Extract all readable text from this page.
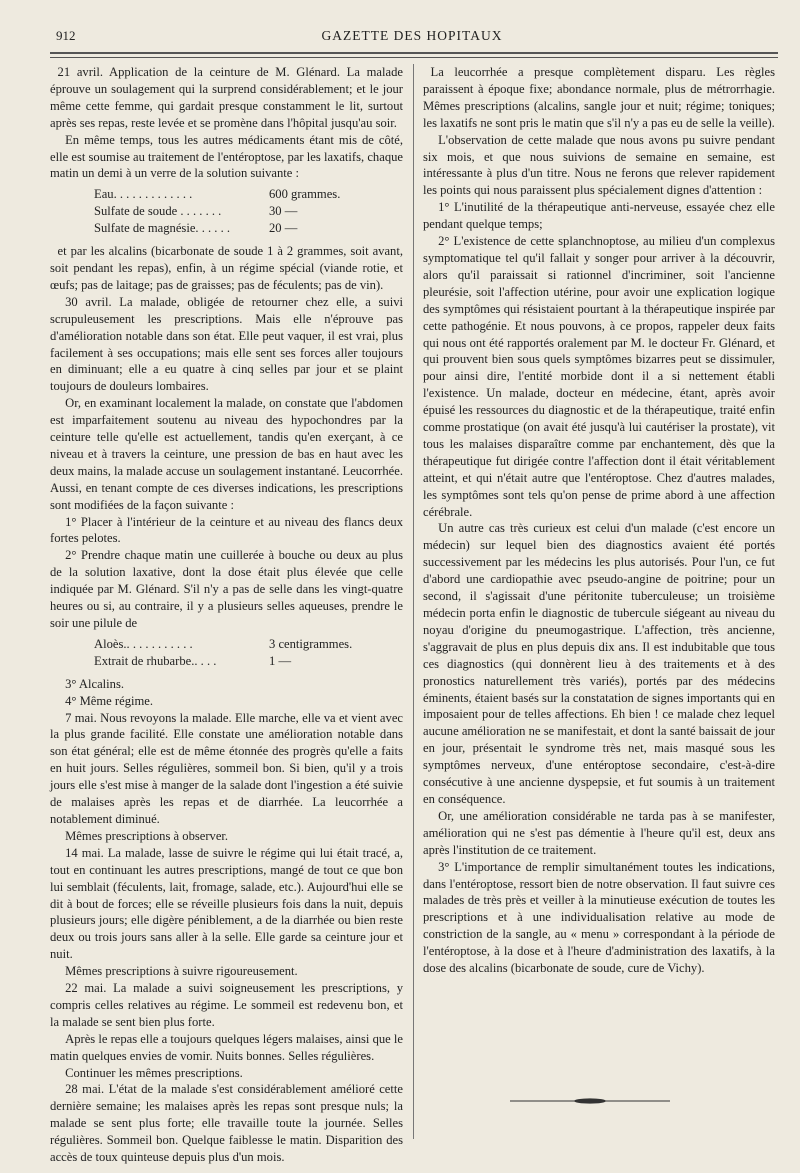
912	GAZETTE DES HOPITAUX

21 avril. Application de la ceinture de M. Glénard. La malade éprouve un soulagement qui la surprend considérablement; et le jour même cette femme, qui gardait presque constamment le lit, surtout après ses repas, reste levée et se promène dans l'hôpital jusqu'au soir.

En même temps, tous les autres médicaments étant mis de côté, elle est soumise au traitement de l'entéroptose, par les laxatifs, chaque matin un demi à un verre de la solution suivante :

Eau. . . . . . . . . . . . .	600 grammes.
Sulfate de soude . . . . . . .	30 —
Sulfate de magnésie. . . . . .	20 —

et par les alcalins (bicarbonate de soude 1 à 2 grammes, soit avant, soit pendant les repas), enfin, à un régime spécial (viande rotie, et œufs; pas de laitage; pas de graisses; pas de féculents; pas de vin).

30 avril. La malade, obligée de retourner chez elle, a suivi scrupuleusement les prescriptions. Mais elle n'éprouve pas d'amélioration notable dans son état. Elle peut vaquer, il est vrai, plus facilement à ses occupations; mais elle sent ses forces aller toujours en diminuant; elle a eu quatre à cinq selles par jour et se plaint toujours de douleurs lombaires.

Or, en examinant localement la malade, on constate que l'abdomen est imparfaitement soutenu au niveau des hypochondres par la ceinture telle qu'elle est actuellement, tandis qu'en exerçant, à ce niveau et à travers la ceinture, une pression de bas en haut avec les deux mains, la malade accuse un soulagement instantané. Leucorrhée. Aussi, en tenant compte de ces diverses indications, les prescriptions sont modifiées de la façon suivante :

1° Placer à l'intérieur de la ceinture et au niveau des flancs deux fortes pelotes.

2° Prendre chaque matin une cuillerée à bouche ou deux au plus de la solution laxative, dont la dose était plus élevée que celle indiquée par M. Glénard. S'il n'y a pas de selle dans les vingt-quatre heures ou si, au contraire, il y a plusieurs selles aqueuses, prendre le soir une pilule de

Aloès.. . . . . . . . . . .	3 centigrammes.
Extrait de rhubarbe.. . . .	1 —

3° Alcalins.

4° Même régime.

7 mai. Nous revoyons la malade. Elle marche, elle va et vient avec la plus grande facilité. Elle constate une amélioration notable dans son état général; elle est de même étonnée des progrès qu'elle a faits en huit jours. Selles régulières, sommeil bon. Si bien, qu'il y a trois jours elle s'est mise à manger de la salade dont l'ingestion a été suivie de malaises après les repas et de diarrhée. La leucorrhée a notablement diminué.

Mêmes prescriptions à observer.

14 mai. La malade, lasse de suivre le régime qui lui était tracé, a, tout en continuant les autres prescriptions, mangé de tout ce que bon lui semblait (féculents, lait, fromage, salade, etc.). Aujourd'hui elle se dit à bout de forces; elle se réveille plusieurs fois dans la nuit, depuis plusieurs jours; elle digère péniblement, a de la diarrhée ou bien reste deux ou trois jours sans aller à la selle. Elle garde sa ceinture jour et nuit.

Mêmes prescriptions à suivre rigoureusement.

22 mai. La malade a suivi soigneusement les prescriptions, y compris celles relatives au régime. Le sommeil est redevenu bon, et la malade se sent bien plus forte.

Après le repas elle a toujours quelques légers malaises, ainsi que le matin quelques envies de vomir. Nuits bonnes. Selles régulières.

Continuer les mêmes prescriptions.

28 mai. L'état de la malade s'est considérablement amélioré cette dernière semaine; les malaises après les repas sont presque nuls; la malade se sent plus forte; elle travaille toute la journée. Selles régulières. Sommeil bon. Quelque faiblesse le matin. Disparition des accès de toux quinteuse depuis plus d'un mois.

La leucorrhée a presque complètement disparu. Les règles paraissent à époque fixe; abondance normale, plus de métrorrhagie. Mêmes prescriptions (alcalins, sangle jour et nuit; régime; toniques; les laxatifs ne sont pris le matin que s'il n'y a pas eu de selle la veille).

L'observation de cette malade que nous avons pu suivre pendant six mois, et que nous suivions de semaine en semaine, est intéressante à plus d'un titre. Nous ne ferons que relever rapidement les points qui nous paraissent plus spécialement dignes d'attention :

1° L'inutilité de la thérapeutique anti-nerveuse, essayée chez elle pendant quelque temps;

2° L'existence de cette splanchnoptose, au milieu d'un complexus symptomatique tel qu'il fallait y songer pour arriver à la découvrir, alors qu'il paraissait si rationnel d'incriminer, soit l'ancienne pleurésie, soit l'affection utérine, pour avoir une explication logique des symptômes qui résistaient pourtant à la thérapeutique inspirée par cette pathogénie. Et nous pouvons, à ce propos, rappeler deux faits qui nous ont été rapportés oralement par M. le docteur Fr. Glénard, et qui prouvent bien sous quels symptômes bizarres peut se dissimuler, pour ainsi dire, l'entité morbide dont il a si nettement établi l'existence. Un malade, docteur en médecine, étant, après avoir épuisé les ressources du diagnostic et de la thérapeutique, traité enfin comme prostatique (on avait été jusqu'à lui cautériser la prostate), vit tous les malaises disparaître comme par enchantement, dès que la thérapeutique fut dirigée contre l'affection dont il était véritablement atteint, et qui n'était autre que l'entéroptose. Chez d'autres malades, les symptômes sont tels qu'on pense de prime abord à une affection cérébrale.

Un autre cas très curieux est celui d'un malade (c'est encore un médecin) sur lequel bien des diagnostics avaient été portés successivement par les médecins les plus autorisés. Pour l'un, ce fut d'abord une cardiopathie avec pseudo-angine de poitrine; pour un second, il s'agissait d'une péritonite tuberculeuse; un troisième médecin porta enfin le diagnostic de tubercule siégeant au niveau du noyau d'origine du pneumogastrique. L'affection, très ancienne, s'aggravait de plus en plus depuis dix ans. Il est indubitable que tous ces diagnostics (qui donnèrent lieu à des traitements et à des pronostics naturellement très variés), portés par des médecins éminents, étaient basés sur la constatation de signes importants qui en imposaient pour de telles affections. Eh bien ! ce malade chez lequel aucune amélioration ne se manifestait, et dont la santé baissait de jour en jour, présentait le syndrome très net, mais masqué sous les symptômes nerveux, d'une entéroptose secondaire, c'est-à-dire consécutive à une ancienne dyspepsie, et fut soumis à un traitement en conséquence.

Or, une amélioration considérable ne tarda pas à se manifester, amélioration qui ne s'est pas démentie à l'heure qu'il est, deux ans après l'institution de ce traitement.

3° L'importance de remplir simultanément toutes les indications, dans l'entéroptose, ressort bien de notre observation. Il faut suivre ces malades de très près et veiller à la minutieuse exécution de toutes les prescriptions et à une individualisation relative au mode de constriction de la sangle, au « menu » correspondant à la période de l'entéroptose, à la dose et à l'heure d'administration des laxatifs, à la dose des alcalins (bicarbonate de soude, cure de Vichy).
